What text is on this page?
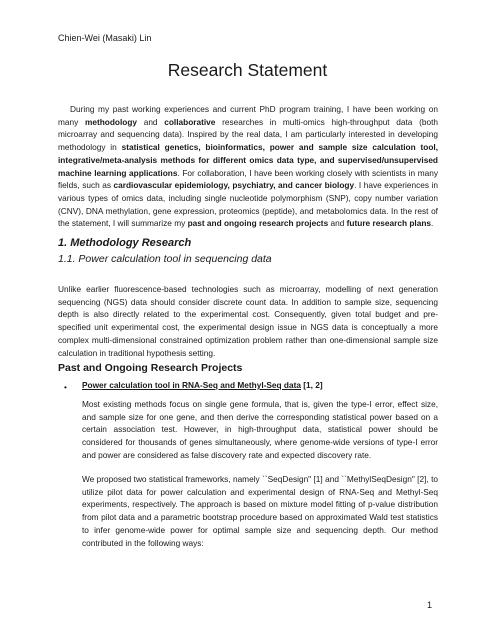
Chien-Wei (Masaki) Lin
Research Statement
During my past working experiences and current PhD program training, I have been working on many methodology and collaborative researches in multi-omics high-throughput data (both microarray and sequencing data). Inspired by the real data, I am particularly interested in developing methodology in statistical genetics, bioinformatics, power and sample size calculation tool, integrative/meta-analysis methods for different omics data type, and supervised/unsupervised machine learning applications. For collaboration, I have been working closely with scientists in many fields, such as cardiovascular epidemiology, psychiatry, and cancer biology. I have experiences in various types of omics data, including single nucleotide polymorphism (SNP), copy number variation (CNV), DNA methylation, gene expression, proteomics (peptide), and metabolomics data. In the rest of the statement, I will summarize my past and ongoing research projects and future research plans.
1. Methodology Research
1.1. Power calculation tool in sequencing data
Unlike earlier fluorescence-based technologies such as microarray, modelling of next generation sequencing (NGS) data should consider discrete count data. In addition to sample size, sequencing depth is also directly related to the experimental cost. Consequently, given total budget and pre-specified unit experimental cost, the experimental design issue in NGS data is conceptually a more complex multi-dimensional constrained optimization problem rather than one-dimensional sample size calculation in traditional hypothesis setting.
Past and Ongoing Research Projects
• Power calculation tool in RNA-Seq and Methyl-Seq data [1, 2]
Most existing methods focus on single gene formula, that is, given the type-I error, effect size, and sample size for one gene, and then derive the corresponding statistical power based on a certain association test. However, in high-throughput data, statistical power should be considered for thousands of genes simultaneously, where genome-wide versions of type-I error and power are considered as false discovery rate and expected discovery rate.
We proposed two statistical frameworks, namely ``SeqDesign" [1] and ``MethylSeqDesign" [2], to utilize pilot data for power calculation and experimental design of RNA-Seq and Methyl-Seq experiments, respectively. The approach is based on mixture model fitting of p-value distribution from pilot data and a parametric bootstrap procedure based on approximated Wald test statistics to infer genome-wide power for optimal sample size and sequencing depth. Our method contributed in the following ways:
1
